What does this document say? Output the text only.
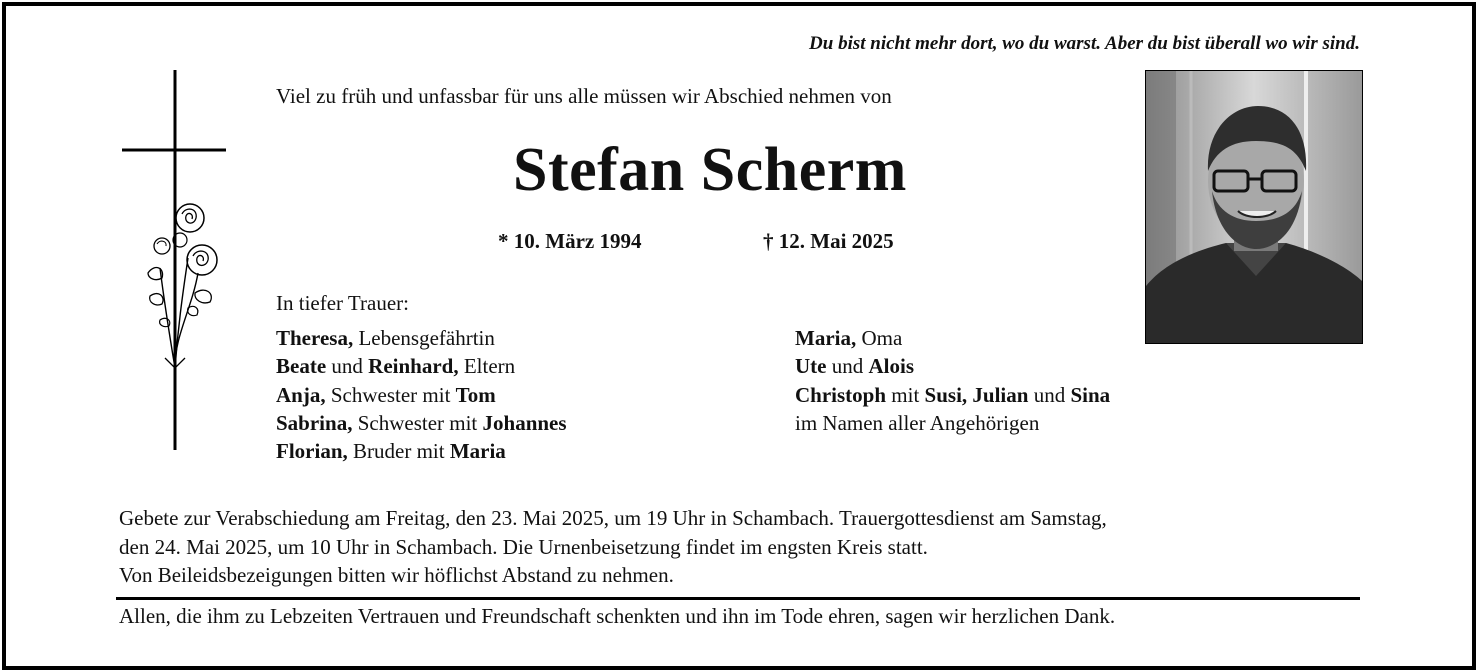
Du bist nicht mehr dort, wo du warst. Aber du bist überall wo wir sind.
Viel zu früh und unfassbar für uns alle müssen wir Abschied nehmen von
Stefan Scherm
* 10. März 1994	† 12. Mai 2025
In tiefer Trauer:
Theresa, Lebensgefährtin
Beate und Reinhard, Eltern
Anja, Schwester mit Tom
Sabrina, Schwester mit Johannes
Florian, Bruder mit Maria
Maria, Oma
Ute und Alois
Christoph mit Susi, Julian und Sina
im Namen aller Angehörigen
Gebete zur Verabschiedung am Freitag, den 23. Mai 2025, um 19 Uhr in Schambach. Trauergottesdienst am Samstag,
den 24. Mai 2025, um 10 Uhr in Schambach. Die Urnenbeisetzung findet im engsten Kreis statt.
Von Beileidsbezeigungen bitten wir höflichst Abstand zu nehmen.
Allen, die ihm zu Lebzeiten Vertrauen und Freundschaft schenkten und ihn im Tode ehren, sagen wir herzlichen Dank.
